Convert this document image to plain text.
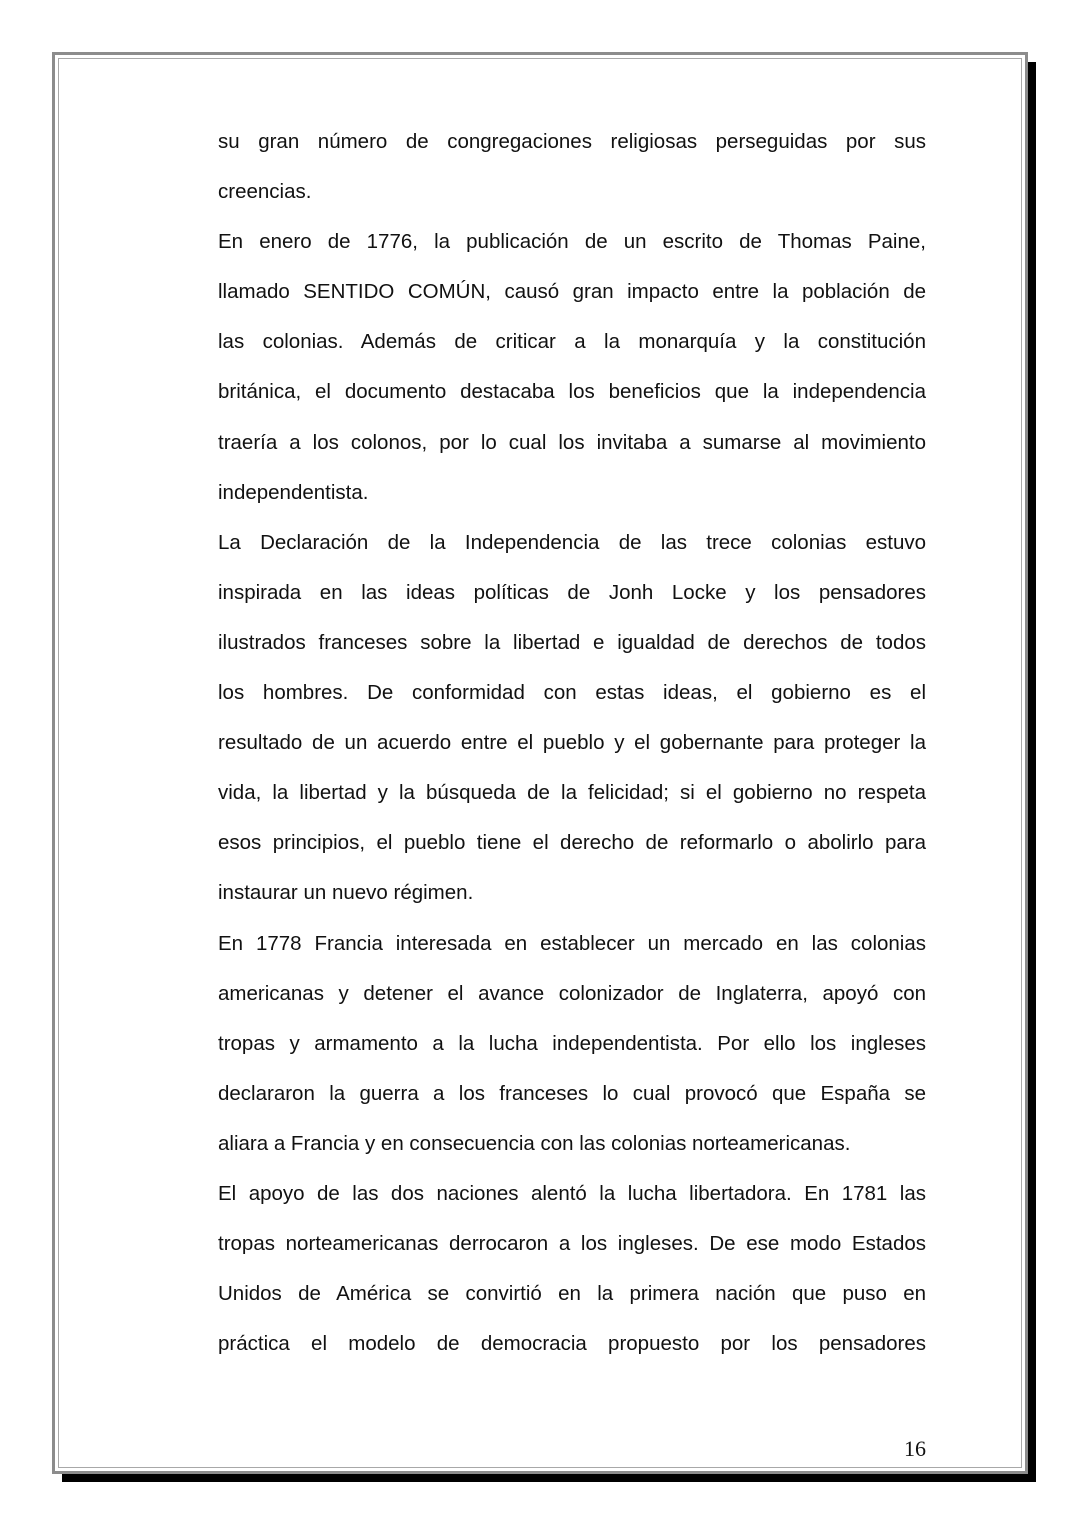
su gran número de congregaciones religiosas perseguidas por sus
creencias.
En enero de 1776, la publicación de un escrito de Thomas Paine,
llamado SENTIDO COMÚN, causó gran impacto entre la población de
las colonias. Además de criticar a la monarquía y la constitución
británica, el documento destacaba los beneficios que la independencia
traería a los colonos, por lo cual los invitaba a sumarse al movimiento
independentista.
La Declaración de la Independencia de las trece colonias estuvo
inspirada en las ideas políticas de Jonh Locke y los pensadores
ilustrados franceses sobre la libertad e igualdad de derechos de todos
los hombres. De conformidad con estas ideas, el gobierno es el
resultado de un acuerdo entre el pueblo y el gobernante para proteger la
vida, la libertad y la búsqueda de la felicidad; si el gobierno no respeta
esos principios, el pueblo tiene el derecho de reformarlo o abolirlo para
instaurar un nuevo régimen.
En 1778 Francia interesada en establecer un mercado en las colonias
americanas y detener el avance colonizador de Inglaterra, apoyó con
tropas y armamento a la lucha independentista. Por ello los ingleses
declararon la guerra a los franceses lo cual provocó que España se
aliara a Francia y en consecuencia con las colonias norteamericanas.
El apoyo de las dos naciones alentó la lucha libertadora. En 1781 las
tropas norteamericanas derrocaron a los ingleses. De ese modo Estados
Unidos de América se convirtió en la primera nación que puso en
práctica el modelo de democracia propuesto por los pensadores
16
